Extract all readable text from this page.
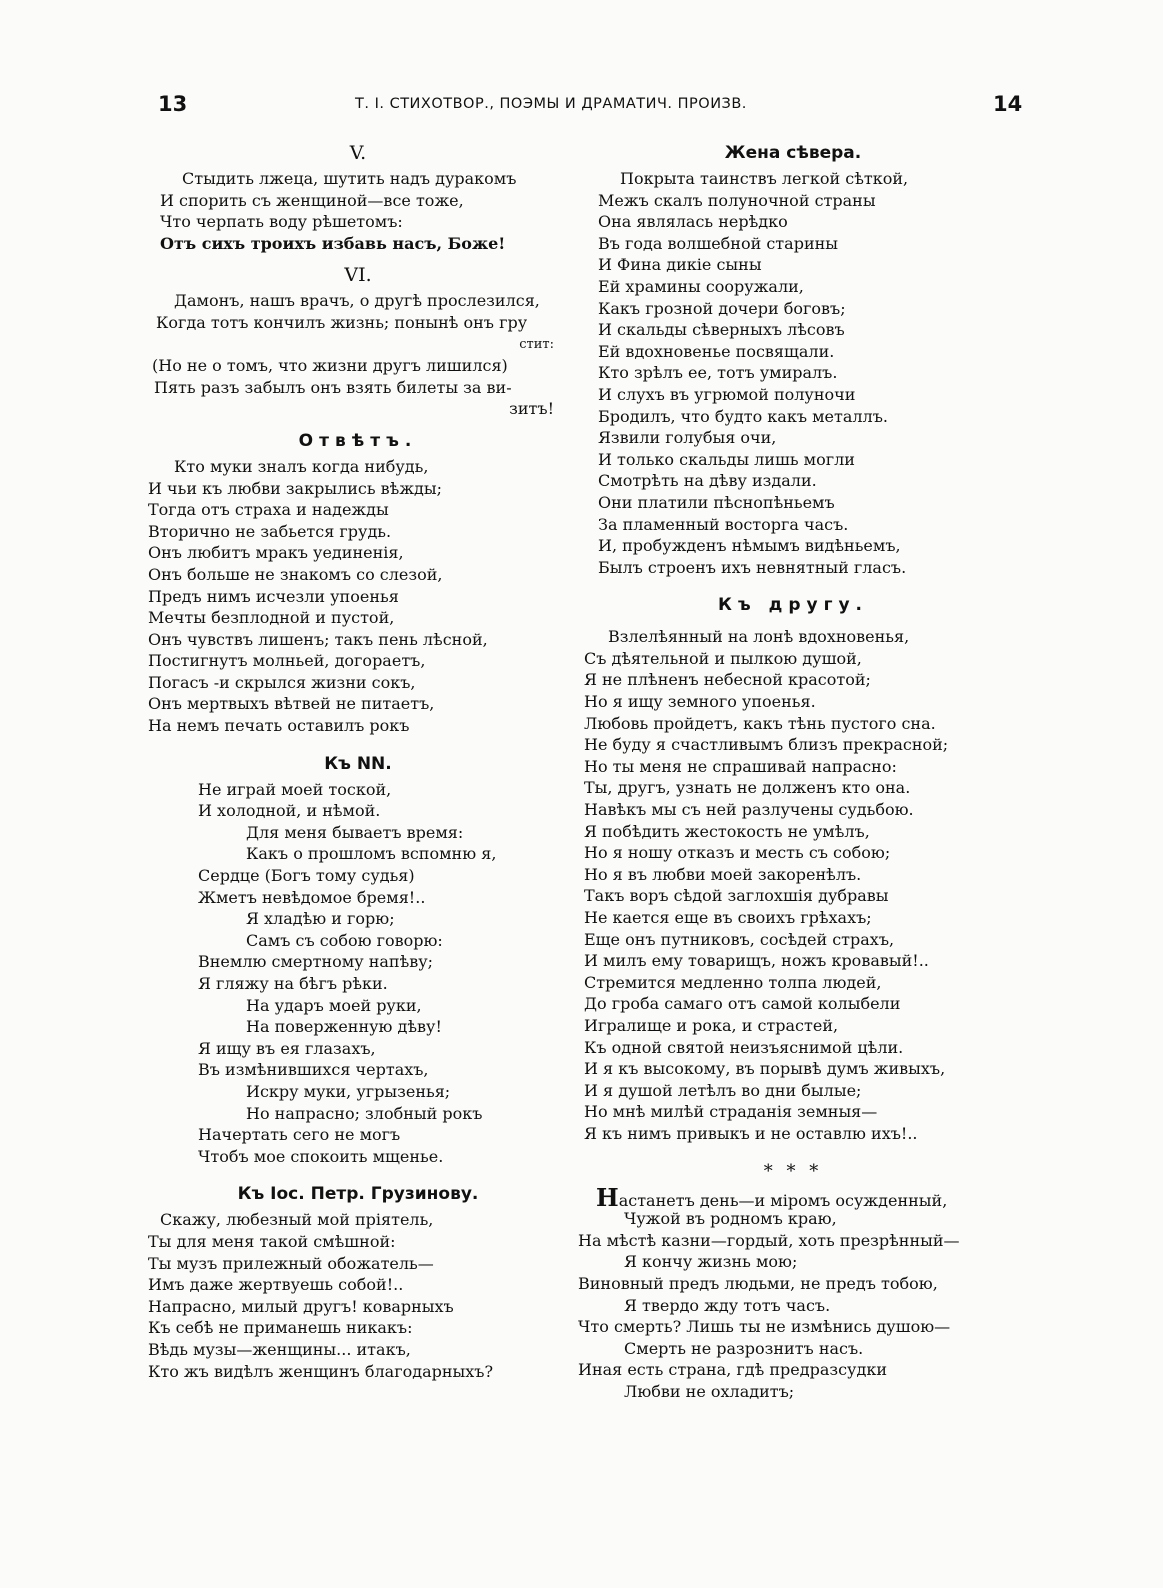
13	Т. I. СТИХОТВОР., ПОЭМЫ И ДРАМАТИЧ. ПРОИЗВ.	14
V.
Стыдить лжеца, шутить надъ дуракомъ
И спорить съ женщиной—все тоже,
Что черпать воду рѣшетомъ:
Отъ сихъ троихъ избавь насъ, Боже!
VI.
Дамонъ, нашъ врачъ, о другѣ прослезился,
Когда тотъ кончилъ жизнь; понынѣ онъ гру
стит:
(Но не о томъ, что жизни другъ лишился)
Пять разъ забылъ онъ взять билеты за ви-
зитъ!
Отвѣтъ.
Кто муки зналъ когда нибудь,
И чьи къ любви закрылись вѣжды;
Тогда отъ страха и надежды
Вторично не забьется грудь.
Онъ любитъ мракъ уединенія,
Онъ больше не знакомъ со слезой,
Предъ нимъ исчезли упоенья
Мечты безплодной и пустой,
Онъ чувствъ лишенъ; такъ пень лѣсной,
Постигнутъ молньей, догораетъ,
Погасъ -и скрылся жизни сокъ,
Онъ мертвыхъ вѣтвей не питаетъ,
На немъ печать оставилъ рокъ
Къ NN.
Не играй моей тоской,
И холодной, и нѣмой.
Для меня бываетъ время:
Какъ о прошломъ вспомню я,
Сердце (Богъ тому судья)
Жметъ невѣдомое бремя!..
Я хладѣю и горю;
Самъ съ собою говорю:
Внемлю смертному напѣву;
Я гляжу на бѣгъ рѣки.
На ударъ моей руки,
На поверженную дѣву!
Я ищу въ ея глазахъ,
Въ измѣнившихся чертахъ,
Искру муки, угрызенья;
Но напрасно; злобный рокъ
Начертать сего не могъ
Чтобъ мое спокоить мщенье.
Къ Іос. Петр. Грузинову.
Скажу, любезный мой пріятель,
Ты для меня такой смѣшной:
Ты музъ прилежный обожатель—
Имъ даже жертвуешь собой!..
Напрасно, милый другъ! коварныхъ
Къ себѣ не приманешь никакъ:
Вѣдь музы—женщины... итакъ,
Кто жъ видѣлъ женщинъ благодарныхъ?
Жена сѣвера.
Покрыта таинствъ легкой сѣткой,
Межъ скалъ полуночной страны
Она являлась нерѣдко
Въ года волшебной старины
И Фина дикіе сыны
Ей храмины сооружали,
Какъ грозной дочери боговъ;
И скальды сѣверныхъ лѣсовъ
Ей вдохновенье посвящали.
Кто зрѣлъ ее, тотъ умиралъ.
И слухъ въ угрюмой полуночи
Бродилъ, что будто какъ металлъ.
Язвили голубыя очи,
И только скальды лишь могли
Смотрѣть на дѣву издали.
Они платили пѣснопѣньемъ
За пламенный восторга часъ.
И, пробужденъ нѣмымъ видѣньемъ,
Былъ строенъ ихъ невнятный гласъ.
Къ другу.
Взлелѣянный на лонѣ вдохновенья,
Съ дѣятельной и пылкою душой,
Я не плѣненъ небесной красотой;
Но я ищу земного упоенья.
Любовь пройдетъ, какъ тѣнь пустого сна.
Не буду я счастливымъ близъ прекрасной;
Но ты меня не спрашивай напрасно:
Ты, другъ, узнать не долженъ кто она.
Навѣкъ мы съ ней разлучены судьбою.
Я побѣдить жестокость не умѣлъ,
Но я ношу отказъ и месть съ собою;
Но я въ любви моей закоренѣлъ.
Такъ воръ сѣдой заглохшія дубравы
Не кается еще въ своихъ грѣхахъ;
Еще онъ путниковъ, сосѣдей страхъ,
И милъ ему товарищъ, ножъ кровавый!..
Стремится медленно толпа людей,
До гроба самаго отъ самой колыбели
Игралище и рока, и страстей,
Къ одной святой неизъяснимой цѣли.
И я къ высокому, въ порывѣ думъ живыхъ,
И я душой летѣлъ во дни былые;
Но мнѣ милѣй страданія земныя—
Я къ нимъ привыкъ и не оставлю ихъ!..
* * *
Настанетъ день—и міромъ осужденный,
Чужой въ родномъ краю,
На мѣстѣ казни—гордый, хоть презрѣнный—
Я кончу жизнь мою;
Виновный предъ людьми, не предъ тобою,
Я твердо жду тотъ часъ.
Что смерть? Лишь ты не измѣнись душою—
Смерть не разрознитъ насъ.
Иная есть страна, гдѣ предразсудки
Любви не охладитъ;
